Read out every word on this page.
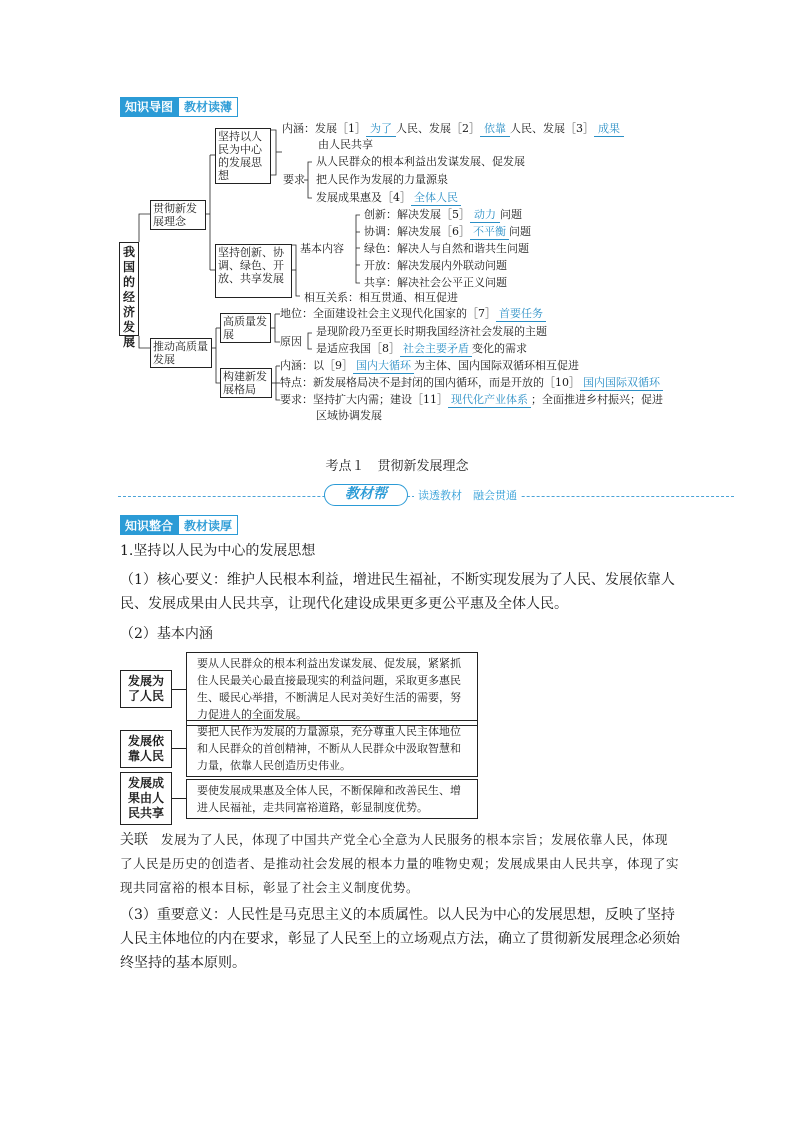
知识导图 教材读薄
我国的经济发展
贯彻新发展理念
坚持以人民为中心的发展思想
坚持创新、协调、绿色、开放、共享发展
推动高质量发展
高质量发展
构建新发展格局
内涵：发展［1］ 为了 人民、发展［2］ 依靠 人民、发展［3］ 成果
由人民共享
要求
从人民群众的根本利益出发谋发展、促发展
把人民作为发展的力量源泉
发展成果惠及［4］ 全体人民
基本内容
创新：解决发展［5］ 动力 问题
协调：解决发展［6］ 不平衡 问题
绿色：解决人与自然和谐共生问题
开放：解决发展内外联动问题
共享：解决社会公平正义问题
相互关系：相互贯通、相互促进
地位：全面建设社会主义现代化国家的［7］ 首要任务
原因
是现阶段乃至更长时期我国经济社会发展的主题
是适应我国［8］ 社会主要矛盾 变化的需求
内涵：以［9］ 国内大循环 为主体、国内国际双循环相互促进
特点：新发展格局决不是封闭的国内循环，而是开放的［10］ 国内国际双循环
要求：坚持扩大内需；建设［11］ 现代化产业体系 ；全面推进乡村振兴；促进
区域协调发展
考点１　贯彻新发展理念
教材帮	读透教材　融会贯通
知识整合 教材读厚

1.坚持以人民为中心的发展思想

（1）核心要义：维护人民根本利益，增进民生福祉，不断实现发展为了人民、发展依靠人民、发展成果由人民共享，让现代化建设成果更多更公平惠及全体人民。

（2）基本内涵

发展为了人民
要从人民群众的根本利益出发谋发展、促发展，紧紧抓住人民最关心最直接最现实的利益问题，采取更多惠民生、暖民心举措，不断满足人民对美好生活的需要，努力促进人的全面发展。
发展依靠人民
要把人民作为发展的力量源泉，充分尊重人民主体地位和人民群众的首创精神，不断从人民群众中汲取智慧和力量，依靠人民创造历史伟业。
发展成果由人民共享
要使发展成果惠及全体人民，不断保障和改善民生、增进人民福祉，走共同富裕道路，彰显制度优势。

关联　 发展为了人民，体现了中国共产党全心全意为人民服务的根本宗旨；发展依靠人民，体现了人民是历史的创造者、是推动社会发展的根本力量的唯物史观；发展成果由人民共享，体现了实现共同富裕的根本目标，彰显了社会主义制度优势。

（3）重要意义：人民性是马克思主义的本质属性。以人民为中心的发展思想，反映了坚持人民主体地位的内在要求，彰显了人民至上的立场观点方法，确立了贯彻新发展理念必须始终坚持的基本原则。
